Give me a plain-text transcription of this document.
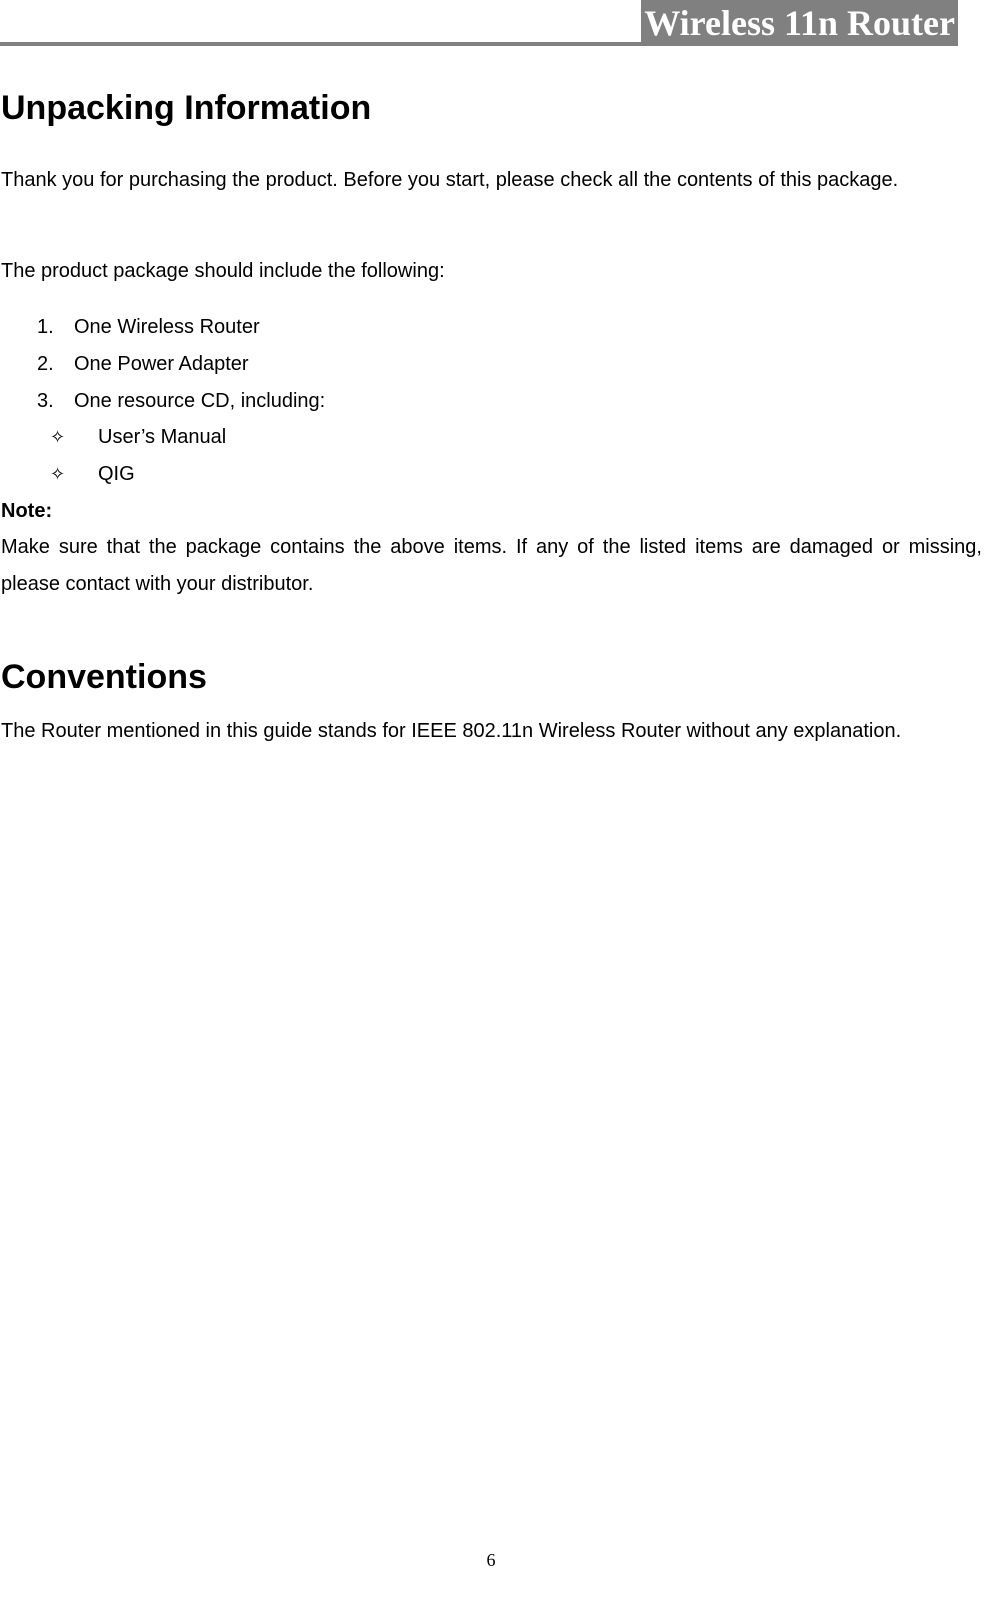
Wireless 11n Router
Unpacking Information

Thank you for purchasing the product. Before you start, please check all the contents of this package.

The product package should include the following:

1. One Wireless Router
2. One Power Adapter
3. One resource CD, including:
✧ User’s Manual
✧ QIG

Note:

Make sure that the package contains the above items. If any of the listed items are damaged or missing, please contact with your distributor.

Conventions

The Router mentioned in this guide stands for IEEE 802.11n Wireless Router without any explanation.

6
